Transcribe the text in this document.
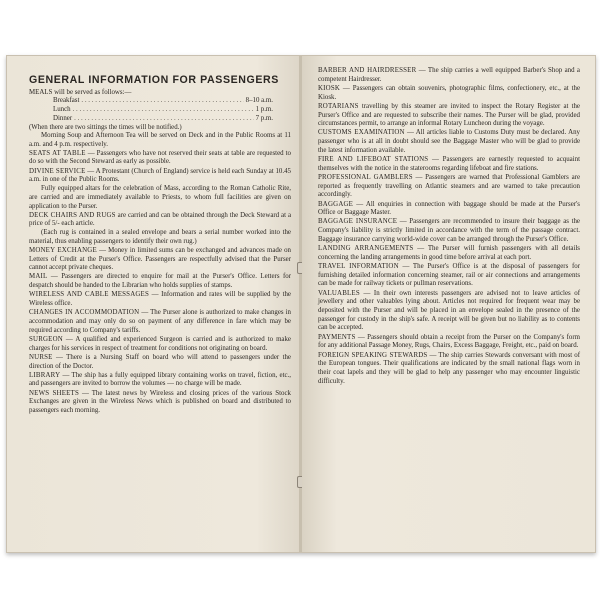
GENERAL INFORMATION FOR PASSENGERS

MEALS will be served as follows:—

Breakfast . . .	8–10 a.m.
Lunch . . .	1 p.m.
Dinner . . .	7 p.m.

(When there are two sittings the times will be notified.)

Morning Soup and Afternoon Tea will be served on Deck and in the Public Rooms at 11 a.m. and 4 p.m. respectively.

SEATS AT TABLE — Passengers who have not reserved their seats at table are requested to do so with the Second Steward as early as possible.

DIVINE SERVICE — A Protestant (Church of England) service is held each Sunday at 10.45 a.m. in one of the Public Rooms.

Fully equipped altars for the celebration of Mass, according to the Roman Catholic Rite, are carried and are immediately available to Priests, to whom full facilities are given on application to the Purser.

DECK CHAIRS AND RUGS are carried and can be obtained through the Deck Steward at a price of 5/- each article.

(Each rug is contained in a sealed envelope and bears a serial number worked into the material, thus enabling passengers to identify their own rug.)

MONEY EXCHANGE — Money in limited sums can be exchanged and advances made on Letters of Credit at the Purser's Office. Passengers are respectfully advised that the Purser cannot accept private cheques.

MAIL — Passengers are directed to enquire for mail at the Purser's Office. Letters for despatch should be handed to the Librarian who holds supplies of stamps.

WIRELESS AND CABLE MESSAGES — Information and rates will be supplied by the Wireless office.

CHANGES IN ACCOMMODATION — The Purser alone is authorized to make changes in accommodation and may only do so on payment of any difference in fare which may be required according to Company's tariffs.

SURGEON — A qualified and experienced Surgeon is carried and is authorized to make charges for his services in respect of treatment for conditions not originating on board.

NURSE — There is a Nursing Staff on board who will attend to passengers under the direction of the Doctor.

LIBRARY — The ship has a fully equipped library containing works on travel, fiction, etc., and passengers are invited to borrow the volumes — no charge will be made.

NEWS SHEETS — The latest news by Wireless and closing prices of the various Stock Exchanges are given in the Wireless News which is published on board and distributed to passengers each morning.

BARBER AND HAIRDRESSER — The ship carries a well equipped Barber's Shop and a competent Hairdresser.

KIOSK — Passengers can obtain souvenirs, photographic films, confectionery, etc., at the Kiosk.

ROTARIANS travelling by this steamer are invited to inspect the Rotary Register at the Purser's Office and are requested to subscribe their names. The Purser will be glad, provided circumstances permit, to arrange an informal Rotary Luncheon during the voyage.

CUSTOMS EXAMINATION — All articles liable to Customs Duty must be declared. Any passenger who is at all in doubt should see the Baggage Master who will be glad to provide the latest information available.

FIRE AND LIFEBOAT STATIONS — Passengers are earnestly requested to acquaint themselves with the notice in the staterooms regarding lifeboat and fire stations.

PROFESSIONAL GAMBLERS — Passengers are warned that Professional Gamblers are reported as frequently travelling on Atlantic steamers and are warned to take precaution accordingly.

BAGGAGE — All enquiries in connection with baggage should be made at the Purser's Office or Baggage Master.

BAGGAGE INSURANCE — Passengers are recommended to insure their baggage as the Company's liability is strictly limited in accordance with the term of the passage contract. Baggage insurance carrying world-wide cover can be arranged through the Purser's Office.

LANDING ARRANGEMENTS — The Purser will furnish passengers with all details concerning the landing arrangements in good time before arrival at each port.

TRAVEL INFORMATION — The Purser's Office is at the disposal of passengers for furnishing detailed information concerning steamer, rail or air connections and arrangements can be made for railway tickets or pullman reservations.

VALUABLES — In their own interests passengers are advised not to leave articles of jewellery and other valuables lying about. Articles not required for frequent wear may be deposited with the Purser and will be placed in an envelope sealed in the presence of the passenger for custody in the ship's safe. A receipt will be given but no liability as to contents can be accepted.

PAYMENTS — Passengers should obtain a receipt from the Purser on the Company's form for any additional Passage Money, Rugs, Chairs, Excess Baggage, Freight, etc., paid on board.

FOREIGN SPEAKING STEWARDS — The ship carries Stewards conversant with most of the European tongues. Their qualifications are indicated by the small national flags worn in their coat lapels and they will be glad to help any passenger who may encounter linguistic difficulty.
